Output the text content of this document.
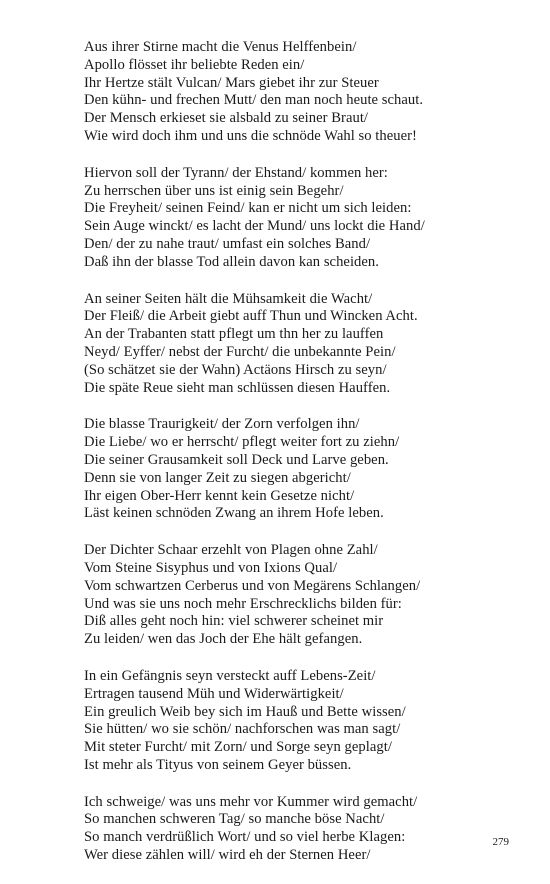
Aus ihrer Stirne macht die Venus Helffenbein/
Apollo flösset ihr beliebte Reden ein/
Ihr Hertze stält Vulcan/ Mars giebet ihr zur Steuer
Den kühn- und frechen Mutt/ den man noch heute schaut.
Der Mensch erkieset sie alsbald zu seiner Braut/
Wie wird doch ihm und uns die schnöde Wahl so theuer!
Hiervon soll der Tyrann/ der Ehstand/ kommen her:
Zu herrschen über uns ist einig sein Begehr/
Die Freyheit/ seinen Feind/ kan er nicht um sich leiden:
Sein Auge winckt/ es lacht der Mund/ uns lockt die Hand/
Den/ der zu nahe traut/ umfast ein solches Band/
Daß ihn der blasse Tod allein davon kan scheiden.
An seiner Seiten hält die Mühsamkeit die Wacht/
Der Fleiß/ die Arbeit giebt auff Thun und Wincken Acht.
An der Trabanten statt pflegt um thn her zu lauffen
Neyd/ Eyffer/ nebst der Furcht/ die unbekannte Pein/
(So schätzet sie der Wahn) Actäons Hirsch zu seyn/
Die späte Reue sieht man schlüssen diesen Hauffen.
Die blasse Traurigkeit/ der Zorn verfolgen ihn/
Die Liebe/ wo er herrscht/ pflegt weiter fort zu ziehn/
Die seiner Grausamkeit soll Deck und Larve geben.
Denn sie von langer Zeit zu siegen abgericht/
Ihr eigen Ober-Herr kennt kein Gesetze nicht/
Läst keinen schnöden Zwang an ihrem Hofe leben.
Der Dichter Schaar erzehlt von Plagen ohne Zahl/
Vom Steine Sisyphus und von Ixions Qual/
Vom schwartzen Cerberus und von Megärens Schlangen/
Und was sie uns noch mehr Erschrecklichs bilden für:
Diß alles geht noch hin: viel schwerer scheinet mir
Zu leiden/ wen das Joch der Ehe hält gefangen.
In ein Gefängnis seyn versteckt auff Lebens-Zeit/
Ertragen tausend Müh und Widerwärtigkeit/
Ein greulich Weib bey sich im Hauß und Bette wissen/
Sie hütten/ wo sie schön/ nachforschen was man sagt/
Mit steter Furcht/ mit Zorn/ und Sorge seyn geplagt/
Ist mehr als Tityus von seinem Geyer büssen.
Ich schweige/ was uns mehr vor Kummer wird gemacht/
So manchen schweren Tag/ so manche böse Nacht/
So manch verdrüßlich Wort/ und so viel herbe Klagen:
Wer diese zählen will/ wird eh der Sternen Heer/
279
